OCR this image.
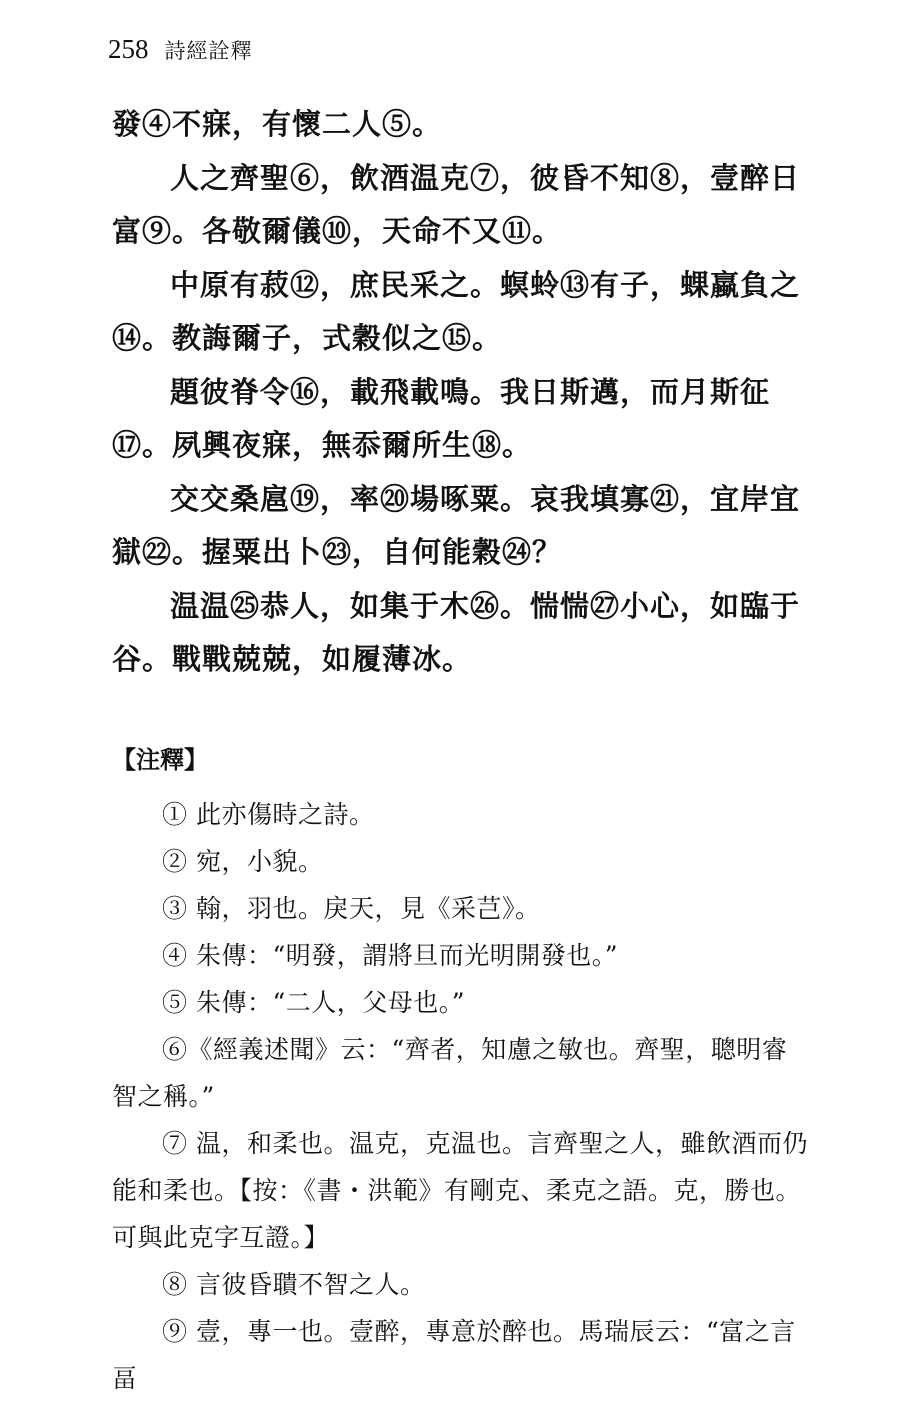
258 詩經詮釋

發④不寐，有懷二人⑤。

人之齊聖⑥，飲酒温克⑦，彼昏不知⑧，壹醉日富⑨。各敬爾儀⑩，天命不又⑪。

中原有菽⑫，庶民采之。螟蛉⑬有子，蜾蠃負之⑭。教誨爾子，式穀似之⑮。

題彼脊令⑯，載飛載鳴。我日斯邁，而月斯征⑰。夙興夜寐，無忝爾所生⑱。

交交桑扈⑲，率⑳場啄粟。哀我填寡㉑，宜岸宜獄㉒。握粟出卜㉓，自何能穀㉔？

温温㉕恭人，如集于木㉖。惴惴㉗小心，如臨于谷。戰戰兢兢，如履薄冰。

【注釋】

① 此亦傷時之詩。

② 宛，小貌。

③ 翰，羽也。戾天，見《采芑》。

④ 朱傳：“明發，謂將旦而光明開發也。”

⑤ 朱傳：“二人，父母也。”

⑥《經義述聞》云：“齊者，知慮之敏也。齊聖，聰明睿智之稱。”

⑦ 温，和柔也。温克，克温也。言齊聖之人，雖飲酒而仍能和柔也。【按：《書・洪範》有剛克、柔克之語。克，勝也。可與此克字互證。】

⑧ 言彼昏聵不智之人。

⑨ 壹，專一也。壹醉，專意於醉也。馬瑞辰云：“富之言畐
